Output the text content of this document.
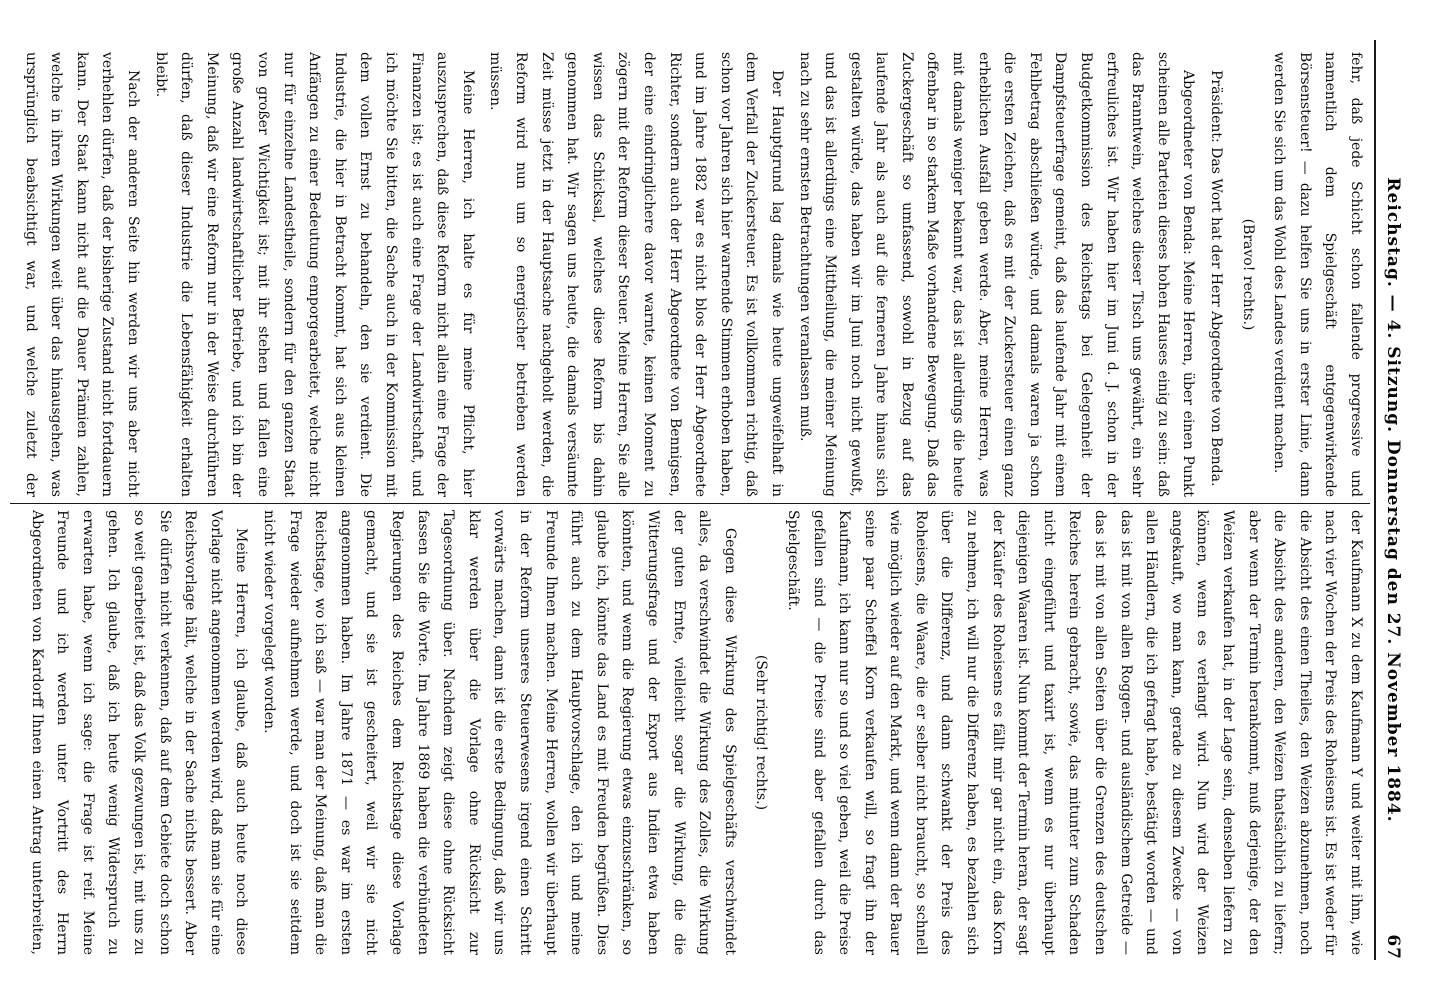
Reichstag. — 4. Sitzung. Donnerstag den 27. November 1884.
67

fehr, daß jede Schicht schon fallende progressive und namentlich dem Spielgeschäft entgegenwirkende Börsensteuer! — dazu helfen Sie uns in erster Linie, dann werden Sie sich um das Wohl des Landes verdient machen.

(Bravo! rechts.)

Präsident: Das Wort hat der Herr Abgeordnete von Benda.

Abgeordneter von Benda: Meine Herren, über einen Punkt scheinen alle Parteien dieses hohen Hauses einig zu sein: daß das Branntwein, welches dieser Tisch uns gewährt, ein sehr erfreuliches ist. Wir haben hier im Juni d. J. schon in der Budgetkommission des Reichstags bei Gelegenheit der Dampfsteuerfrage gemeint, daß das laufende Jahr mit einem Fehlbetrag abschließen würde, und damals waren ja schon die ersten Zeichen, daß es mit der Zuckersteuer einen ganz erheblichen Ausfall geben werde. Aber, meine Herren, was mit damals weniger bekannt war, das ist allerdings die heute offenbar in so starkem Maße vorhandene Bewegung. Daß das Zuckergeschäft so umfassend, sowohl in Bezug auf das laufende Jahr als auch auf die ferneren Jahre hinaus sich gestalten würde, das haben wir im Juni noch nicht gewußt, und das ist allerdings eine Mittheilung, die meiner Meinung nach zu sehr ernsten Betrachtungen veranlassen muß.

Der Hauptgrund lag damals wie heute ungweifelhaft in dem Verfall der Zuckersteuer. Es ist vollkommen richtig, daß schon vor Jahren sich hier warnende Stimmen erhoben haben, und im Jahre 1882 war es nicht blos der Herr Abgeordnete Richter, sondern auch der Herr Abgeordnete von Bennigsen, der eine eindringlichere davor warnte, keinen Moment zu zögern mit der Reform dieser Steuer. Meine Herren, Sie alle wissen das Schicksal, welches diese Reform bis dahin genommen hat. Wir sagen uns heute, die damals versäumte Zeit müsse jetzt in der Hauptsache nachgeholt werden, die Reform wird nun um so energischer betrieben werden müssen.

Meine Herren, ich halte es für meine Pflicht, hier auszusprechen, daß diese Reform nicht allein eine Frage der Finanzen ist; es ist auch eine Frage der Landwirtschaft, und ich möchte Sie bitten, die Sache auch in der Kommission mit dem vollen Ernst zu behandeln, den sie verdient. Die Industrie, die hier in Betracht kommt, hat sich aus kleinen Anfängen zu einer Bedeutung emporgearbeitet, welche nicht nur für einzelne Landestheile, sondern für den ganzen Staat von großer Wichtigkeit ist; mit ihr stehen und fallen eine große Anzahl landwirtschaftlicher Betriebe, und ich bin der Meinung, daß wir eine Reform nur in der Weise durchführen dürfen, daß dieser Industrie die Lebensfähigkeit erhalten bleibt.

Nach der anderen Seite hin werden wir uns aber nicht verhehlen dürfen, daß der bisherige Zustand nicht fortdauern kann. Der Staat kann nicht auf die Dauer Prämien zahlen, welche in ihren Wirkungen weit über das hinausgehen, was ursprünglich beabsichtigt war, und welche zuletzt der

der Kaufmann X zu dem Kaufmann Y und weiter mit ihm, wie nach vier Wochen der Preis des Roheisens ist. Es ist weder für die Absicht des einen Theiles, den Weizen abzunehmen, noch die Absicht des anderen, den Weizen thatsächlich zu liefern; aber wenn der Termin herankommt, muß derjenige, der den Weizen verkaufen hat, in der Lage sein, denselben liefern zu können, wenn es verlangt wird. Nun wird der Weizen angekauft, wo man kann, gerade zu diesem Zwecke — von allen Händlern, die ich gefragt habe, bestätigt worden — und das ist mit von allen Roggen- und ausländischem Getreide — das ist mit von allen Seiten über die Grenzen des deutschen Reiches herein gebracht, sowie, das mitunter zum Schaden nicht eingeführt und taxirt ist, wenn es nur überhaupt diejenigen Waaren ist. Nun kommt der Termin heran, der sagt der Käufer des Roheisens es fällt mir gar nicht ein, das Korn zu nehmen, ich will nur die Differenz haben, es bezahlen sich über die Differenz, und dann schwankt der Preis des Roheisens, die Waare, die er selber nicht braucht, so schnell wie möglich wieder auf den Markt, und wenn dann der Bauer seine paar Scheffel Korn verkaufen will, so fragt ihn der Kaufmann, ich kann nur so und so viel geben, weil die Preise gefallen sind — die Preise sind aber gefallen durch das Spielgeschäft.

(Sehr richtig! rechts.)

Gegen diese Wirkung des Spielgeschäfts verschwindet alles, da verschwindet die Wirkung des Zolles, die Wirkung der guten Ernte, vielleicht sogar die Wirkung, die die Witterungsfrage und der Export aus Indien etwa haben könnten, und wenn die Regierung etwas einzuschränken, so glaube ich, könnte das Land es mit Freuden begrüßen. Dies führt auch zu dem Hauptvorschlage, den ich und meine Freunde Ihnen machen. Meine Herren, wollen wir überhaupt in der Reform unseres Steuerwesens irgend einen Schritt vorwärts machen, dann ist die erste Bedingung, daß wir uns klar werden über die Vorlage ohne Rücksicht zur Tagesordnung über. Nachdem zeigt diese ohne Rücksicht fassen Sie die Worte. Im Jahre 1869 haben die verbündeten Regierungen des Reiches dem Reichstage diese Vorlage gemacht, und sie ist gescheitert, weil wir sie nicht angenommen haben. Im Jahre 1871 — es war im ersten Reichstage, wo ich saß — war man der Meinung, daß man die Frage wieder aufnehmen werde, und doch ist sie seitdem nicht wieder vorgelegt worden.

Meine Herren, ich glaube, daß auch heute noch diese Vorlage nicht angenommen werden wird, daß man sie für eine Reichsvorlage hält, welche in der Sache nichts bessert. Aber Sie dürfen nicht verkennen, daß auf dem Gebiete doch schon so weit gearbeitet ist, daß das Volk gezwungen ist, mit uns zu gehen. Ich glaube, daß ich heute wenig Widerspruch zu erwarten habe, wenn ich sage: die Frage ist reif. Meine Freunde und ich werden unter Vortritt des Herrn Abgeordneten von Kardorff Ihnen einen Antrag unterbreiten,
